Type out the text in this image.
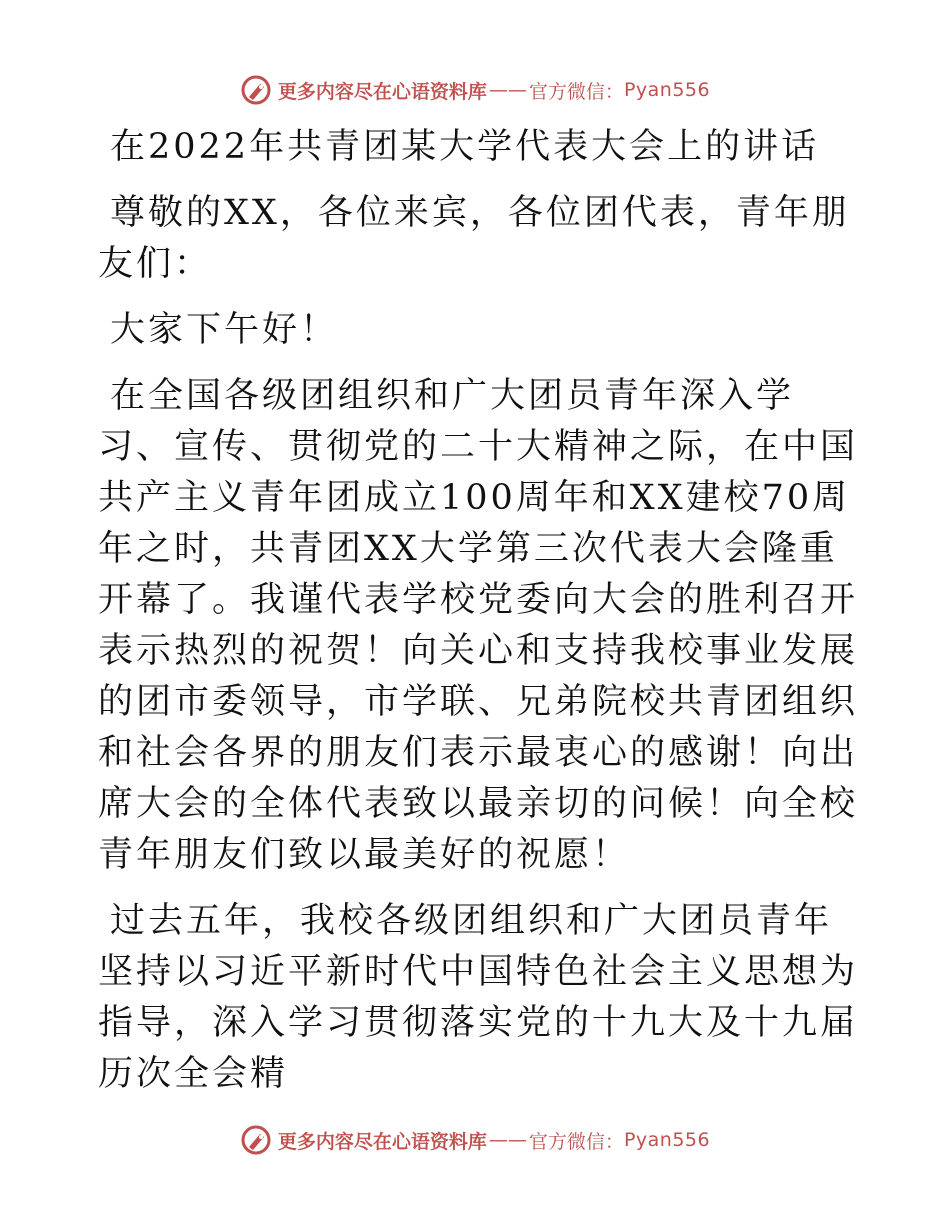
更多内容尽在心语资料库 —— 官方微信： Pyan556

在2022年共青团某大学代表大会上的讲话

尊敬的XX，各位来宾，各位团代表，青年朋友们：

大家下午好！

在全国各级团组织和广大团员青年深入学习、宣传、贯彻党的二十大精神之际，在中国共产主义青年团成立100周年和XX建校70周年之时，共青团XX大学第三次代表大会隆重开幕了。我谨代表学校党委向大会的胜利召开表示热烈的祝贺！向关心和支持我校事业发展的团市委领导，市学联、兄弟院校共青团组织和社会各界的朋友们表示最衷心的感谢！向出席大会的全体代表致以最亲切的问候！向全校青年朋友们致以最美好的祝愿！

过去五年，我校各级团组织和广大团员青年坚持以习近平新时代中国特色社会主义思想为指导，深入学习贯彻落实党的十九大及十九届历次全会精

更多内容尽在心语资料库 —— 官方微信： Pyan556
